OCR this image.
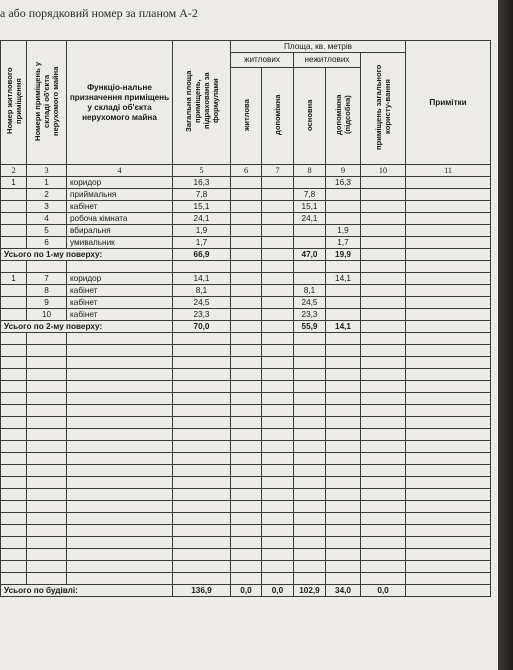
а або порядковий номер за планом А-2
Номер житлового приміщення	Номери приміщень у складі об'єкта нерухомого майна	Функціо-нальне призначення приміщень у складі об'єкта нерухомого майна	Загальна площа приміщень, підрахована за формулами	Площа, кв. метрів					Примітки
				житлових		нежитлових		приміщень загального користу-вання	
				житлова	допоміжна	основна	допоміжна (підсобна)		
2	3	4	5	6	7	8	9	10	11
1	1	коридор	16,3				16,3		
	2	приймальня	7,8			7,8			
	3	кабінет	15,1			15,1			
	4	робоча кімната	24,1			24,1			
	5	вбиральня	1,9				1,9		
	6	умивальник	1,7				1,7		
Усього по 1-му поверху:			66,9			47,0	19,9		

1	7	коридор	14,1				14,1		
	8	кабінет	8,1			8,1			
	9	кабінет	24,5			24,5			
	10	кабінет	23,3			23,3			
Усього по 2-му поверху:			70,0			55,9	14,1		

Усього по будівлі:			136,9	0,0	0,0	102,9	34,0	0,0	
